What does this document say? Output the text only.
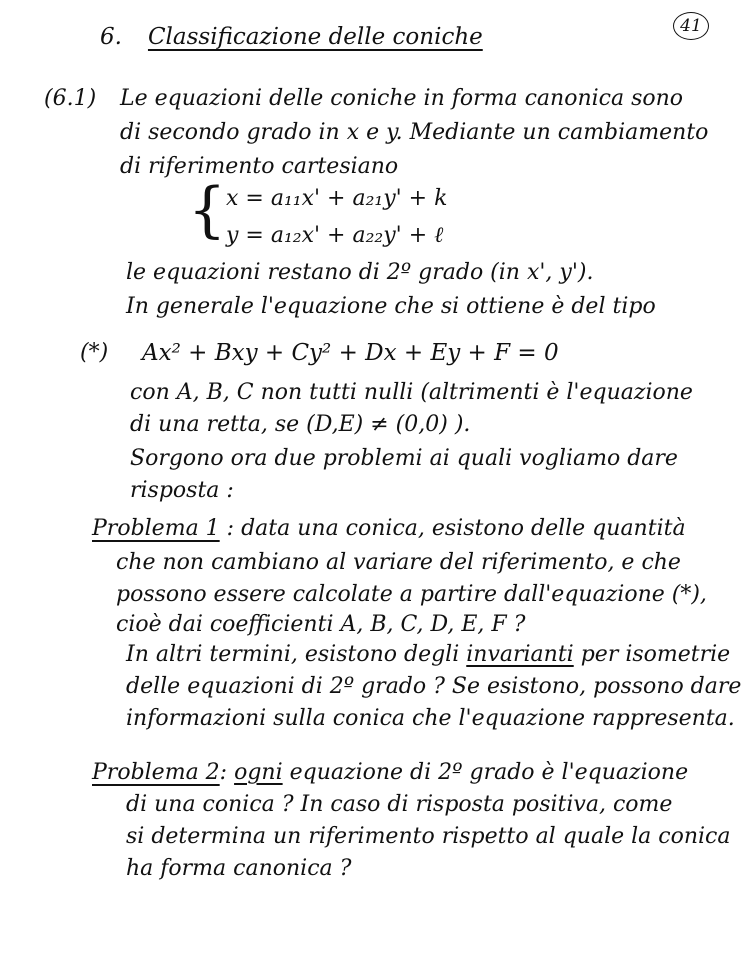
6. Classificazione delle coniche	41
(6.1) Le equazioni delle coniche in forma canonica sono
di secondo grado in x e y. Mediante un cambiamento
di riferimento cartesiano
{ x = a₁₁x' + a₂₁y' + k
y = a₁₂x' + a₂₂y' + ℓ
le equazioni restano di 2º grado (in x', y').
In generale l'equazione che si ottiene è del tipo
(*) Ax² + Bxy + Cy² + Dx + Ey + F = 0
con A, B, C non tutti nulli (altrimenti è l'equazione
di una retta, se (D,E) ≠ (0,0) ).
Sorgono ora due problemi ai quali vogliamo dare
risposta :
Problema 1 : data una conica, esistono delle quantità
che non cambiano al variare del riferimento, e che
possono essere calcolate a partire dall'equazione (*),
cioè dai coefficienti A, B, C, D, E, F ?
In altri termini, esistono degli invarianti per isometrie
delle equazioni di 2º grado ? Se esistono, possono dare
informazioni sulla conica che l'equazione rappresenta.
Problema 2: ogni equazione di 2º grado è l'equazione
di una conica ? In caso di risposta positiva, come
si determina un riferimento rispetto al quale la conica
ha forma canonica ?
